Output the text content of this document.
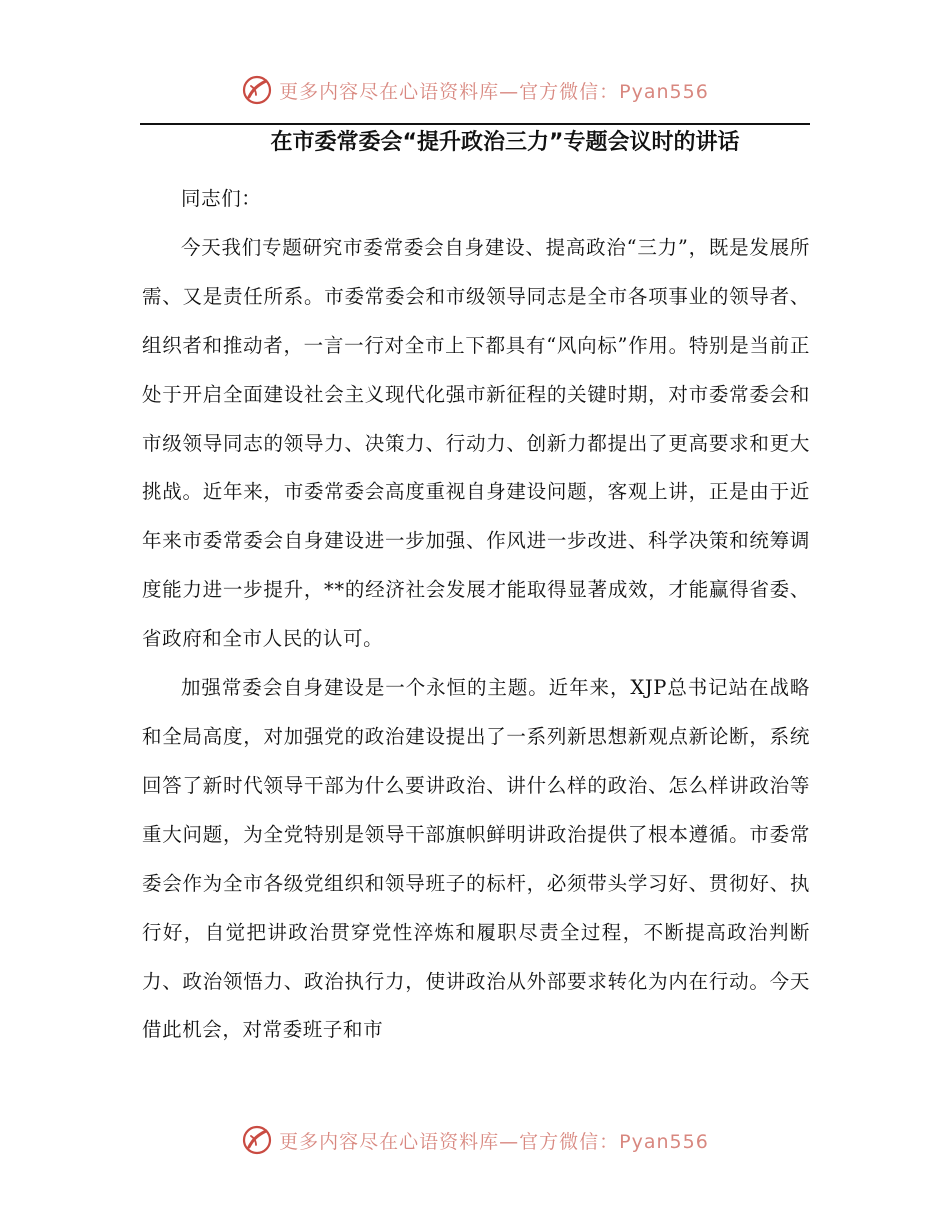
更多内容尽在心语资料库—官方微信：Pyan556
在市委常委会“提升政治三力”专题会议时的讲话

同志们：

今天我们专题研究市委常委会自身建设、提高政治“三力”，既是发展所需、又是责任所系。市委常委会和市级领导同志是全市各项事业的领导者、组织者和推动者，一言一行对全市上下都具有“风向标”作用。特别是当前正处于开启全面建设社会主义现代化强市新征程的关键时期，对市委常委会和市级领导同志的领导力、决策力、行动力、创新力都提出了更高要求和更大挑战。近年来，市委常委会高度重视自身建设问题，客观上讲，正是由于近年来市委常委会自身建设进一步加强、作风进一步改进、科学决策和统筹调度能力进一步提升，**的经济社会发展才能取得显著成效，才能赢得省委、省政府和全市人民的认可。

加强常委会自身建设是一个永恒的主题。近年来，XJP总书记站在战略和全局高度，对加强党的政治建设提出了一系列新思想新观点新论断，系统回答了新时代领导干部为什么要讲政治、讲什么样的政治、怎么样讲政治等重大问题，为全党特别是领导干部旗帜鲜明讲政治提供了根本遵循。市委常委会作为全市各级党组织和领导班子的标杆，必须带头学习好、贯彻好、执行好，自觉把讲政治贯穿党性淬炼和履职尽责全过程，不断提高政治判断力、政治领悟力、政治执行力，使讲政治从外部要求转化为内在行动。今天借此机会，对常委班子和市

更多内容尽在心语资料库—官方微信：Pyan556
